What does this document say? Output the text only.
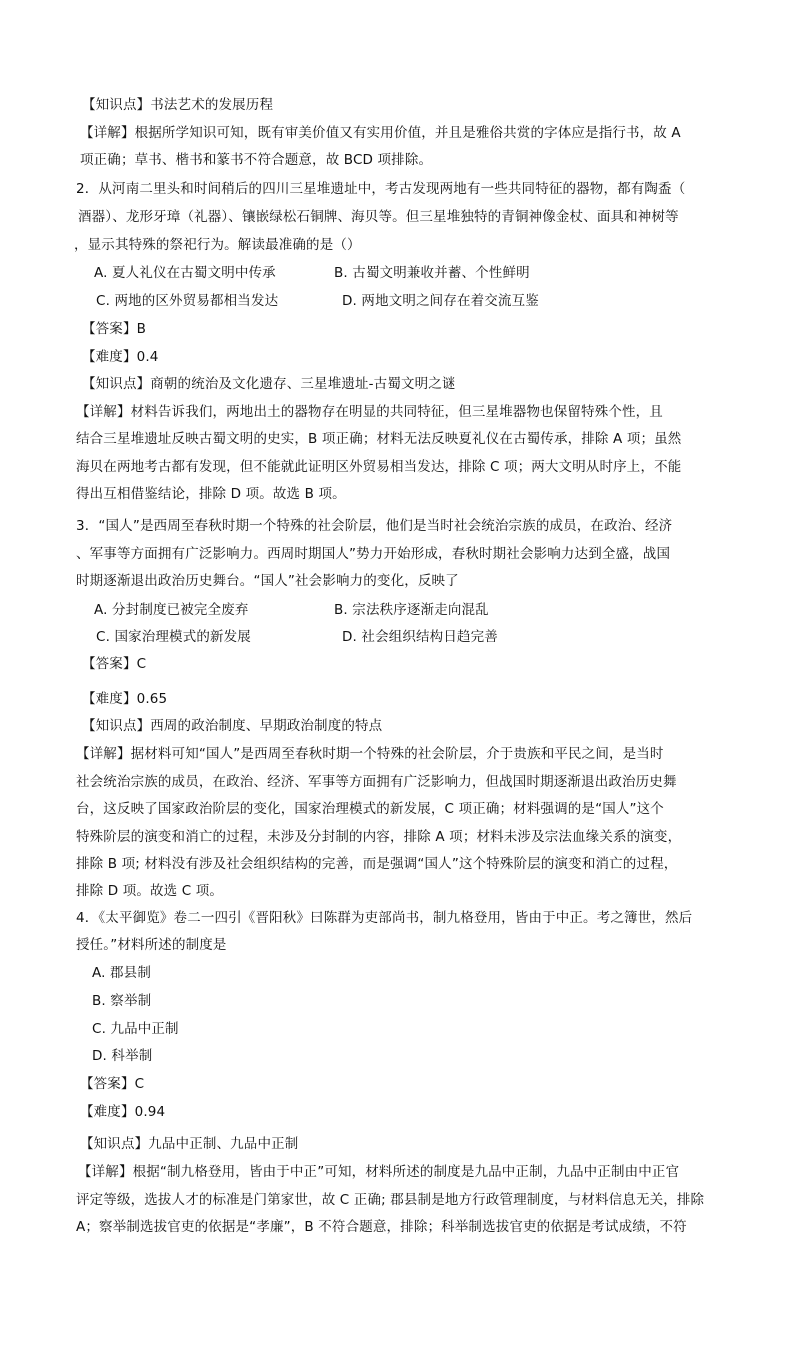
【知识点】书法艺术的发展历程
【详解】根据所学知识可知，既有审美价值又有实用价值，并且是雅俗共赏的字体应是指行书，故 A
项正确；草书、楷书和篆书不符合题意，故 BCD 项排除。
2．从河南二里头和时间稍后的四川三星堆遗址中，考古发现两地有一些共同特征的器物，都有陶盉（
酒器）、龙形牙璋（礼器）、镶嵌绿松石铜牌、海贝等。但三星堆独特的青铜神像金杖、面具和神树等
，显示其特殊的祭祀行为。解读最准确的是（）
A. 夏人礼仪在古蜀文明中传承	B. 古蜀文明兼收并蓄、个性鲜明
C. 两地的区外贸易都相当发达	D. 两地文明之间存在着交流互鉴
【答案】B
【难度】0.4
【知识点】商朝的统治及文化遗存、三星堆遗址-古蜀文明之谜
【详解】材料告诉我们，两地出土的器物存在明显的共同特征，但三星堆器物也保留特殊个性，且
结合三星堆遗址反映古蜀文明的史实，B 项正确；材料无法反映夏礼仪在古蜀传承，排除 A 项；虽然
海贝在两地考古都有发现，但不能就此证明区外贸易相当发达，排除 C 项；两大文明从时序上，不能
得出互相借鉴结论，排除 D 项。故选 B 项。
3．“国人”是西周至春秋时期一个特殊的社会阶层，他们是当时社会统治宗族的成员，在政治、经济
、军事等方面拥有广泛影响力。西周时期国人”势力开始形成，春秋时期社会影响力达到全盛，战国
时期逐渐退出政治历史舞台。“国人”社会影响力的变化，反映了
A. 分封制度已被完全废弃	B. 宗法秩序逐渐走向混乱
C. 国家治理模式的新发展	D. 社会组织结构日趋完善
【答案】C
【难度】0.65
【知识点】西周的政治制度、早期政治制度的特点
【详解】据材料可知“国人”是西周至春秋时期一个特殊的社会阶层，介于贵族和平民之间，是当时
社会统治宗族的成员，在政治、经济、军事等方面拥有广泛影响力，但战国时期逐渐退出政治历史舞
台，这反映了国家政治阶层的变化，国家治理模式的新发展，C 项正确；材料强调的是“国人”这个
特殊阶层的演变和消亡的过程，未涉及分封制的内容，排除 A 项；材料未涉及宗法血缘关系的演变，
排除 B 项; 材料没有涉及社会组织结构的完善，而是强调“国人”这个特殊阶层的演变和消亡的过程，
排除 D 项。故选 C 项。
4．《太平御览》卷二一四引《晋阳秋》曰陈群为吏部尚书，制九格登用，皆由于中正。考之簿世，然后
授任。”材料所述的制度是
A. 郡县制
B. 察举制
C. 九品中正制
D. 科举制
【答案】C
【难度】0.94
【知识点】九品中正制、九品中正制
【详解】根据“制九格登用，皆由于中正”可知，材料所述的制度是九品中正制，九品中正制由中正官
评定等级，选拔人才的标准是门第家世，故 C 正确; 郡县制是地方行政管理制度，与材料信息无关，排除
A；察举制选拔官吏的依据是“孝廉”，B 不符合题意，排除；科举制选拔官吏的依据是考试成绩，不符
